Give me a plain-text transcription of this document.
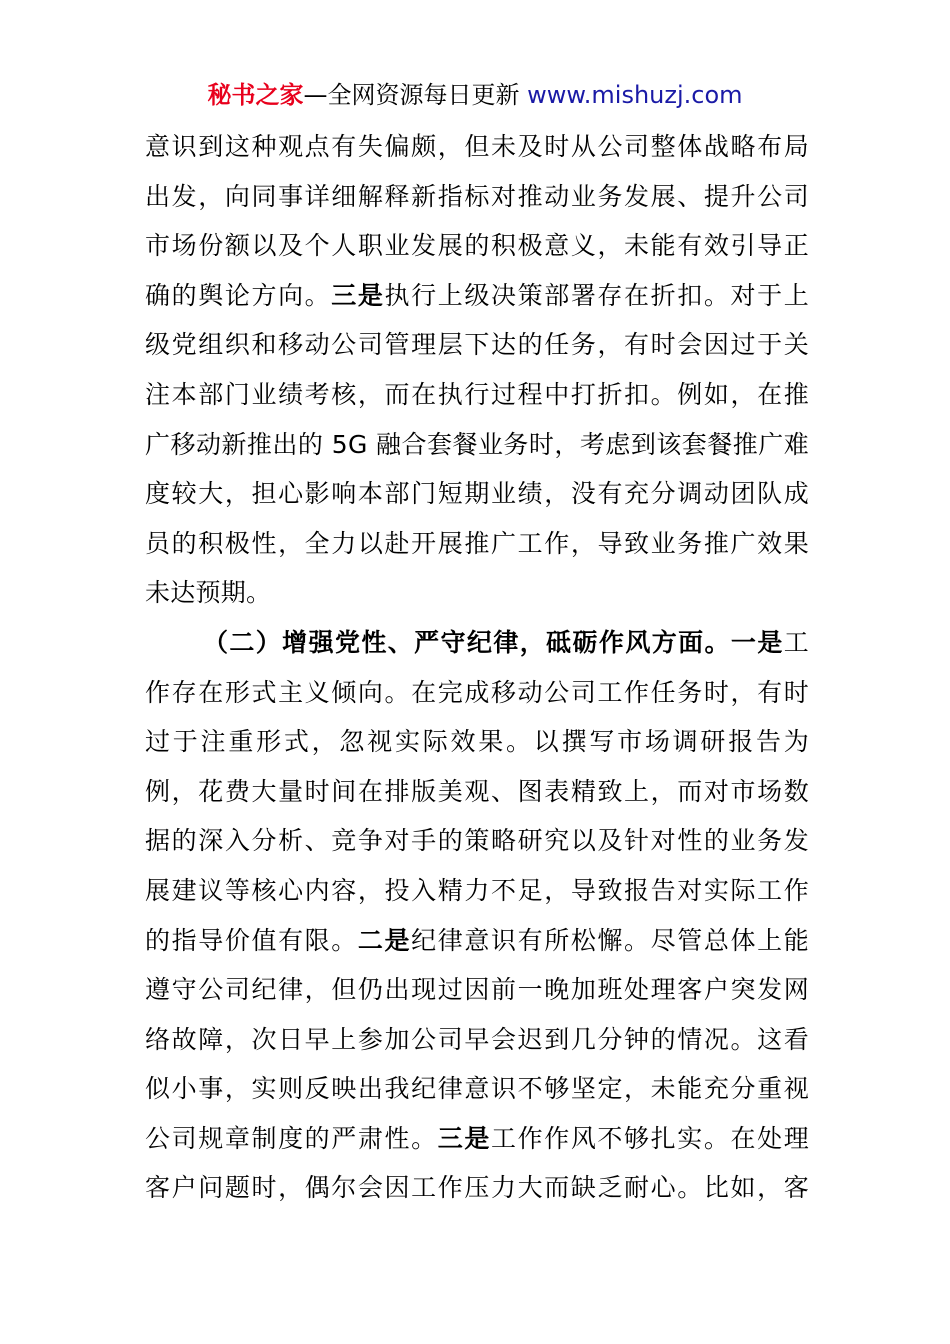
秘书之家—全网资源每日更新 www.mishuzj.com
意识到这种观点有失偏颇，但未及时从公司整体战略布局
出发，向同事详细解释新指标对推动业务发展、提升公司
市场份额以及个人职业发展的积极意义，未能有效引导正
确的舆论方向。三是执行上级决策部署存在折扣。对于上
级党组织和移动公司管理层下达的任务，有时会因过于关
注本部门业绩考核，而在执行过程中打折扣。例如，在推
广移动新推出的 5G 融合套餐业务时，考虑到该套餐推广难
度较大，担心影响本部门短期业绩，没有充分调动团队成
员的积极性，全力以赴开展推广工作，导致业务推广效果
未达预期。
（二）增强党性、严守纪律，砥砺作风方面。一是工
作存在形式主义倾向。在完成移动公司工作任务时，有时
过于注重形式，忽视实际效果。以撰写市场调研报告为
例，花费大量时间在排版美观、图表精致上，而对市场数
据的深入分析、竞争对手的策略研究以及针对性的业务发
展建议等核心内容，投入精力不足，导致报告对实际工作
的指导价值有限。二是纪律意识有所松懈。尽管总体上能
遵守公司纪律，但仍出现过因前一晚加班处理客户突发网
络故障，次日早上参加公司早会迟到几分钟的情况。这看
似小事，实则反映出我纪律意识不够坚定，未能充分重视
公司规章制度的严肃性。三是工作作风不够扎实。在处理
客户问题时，偶尔会因工作压力大而缺乏耐心。比如，客
